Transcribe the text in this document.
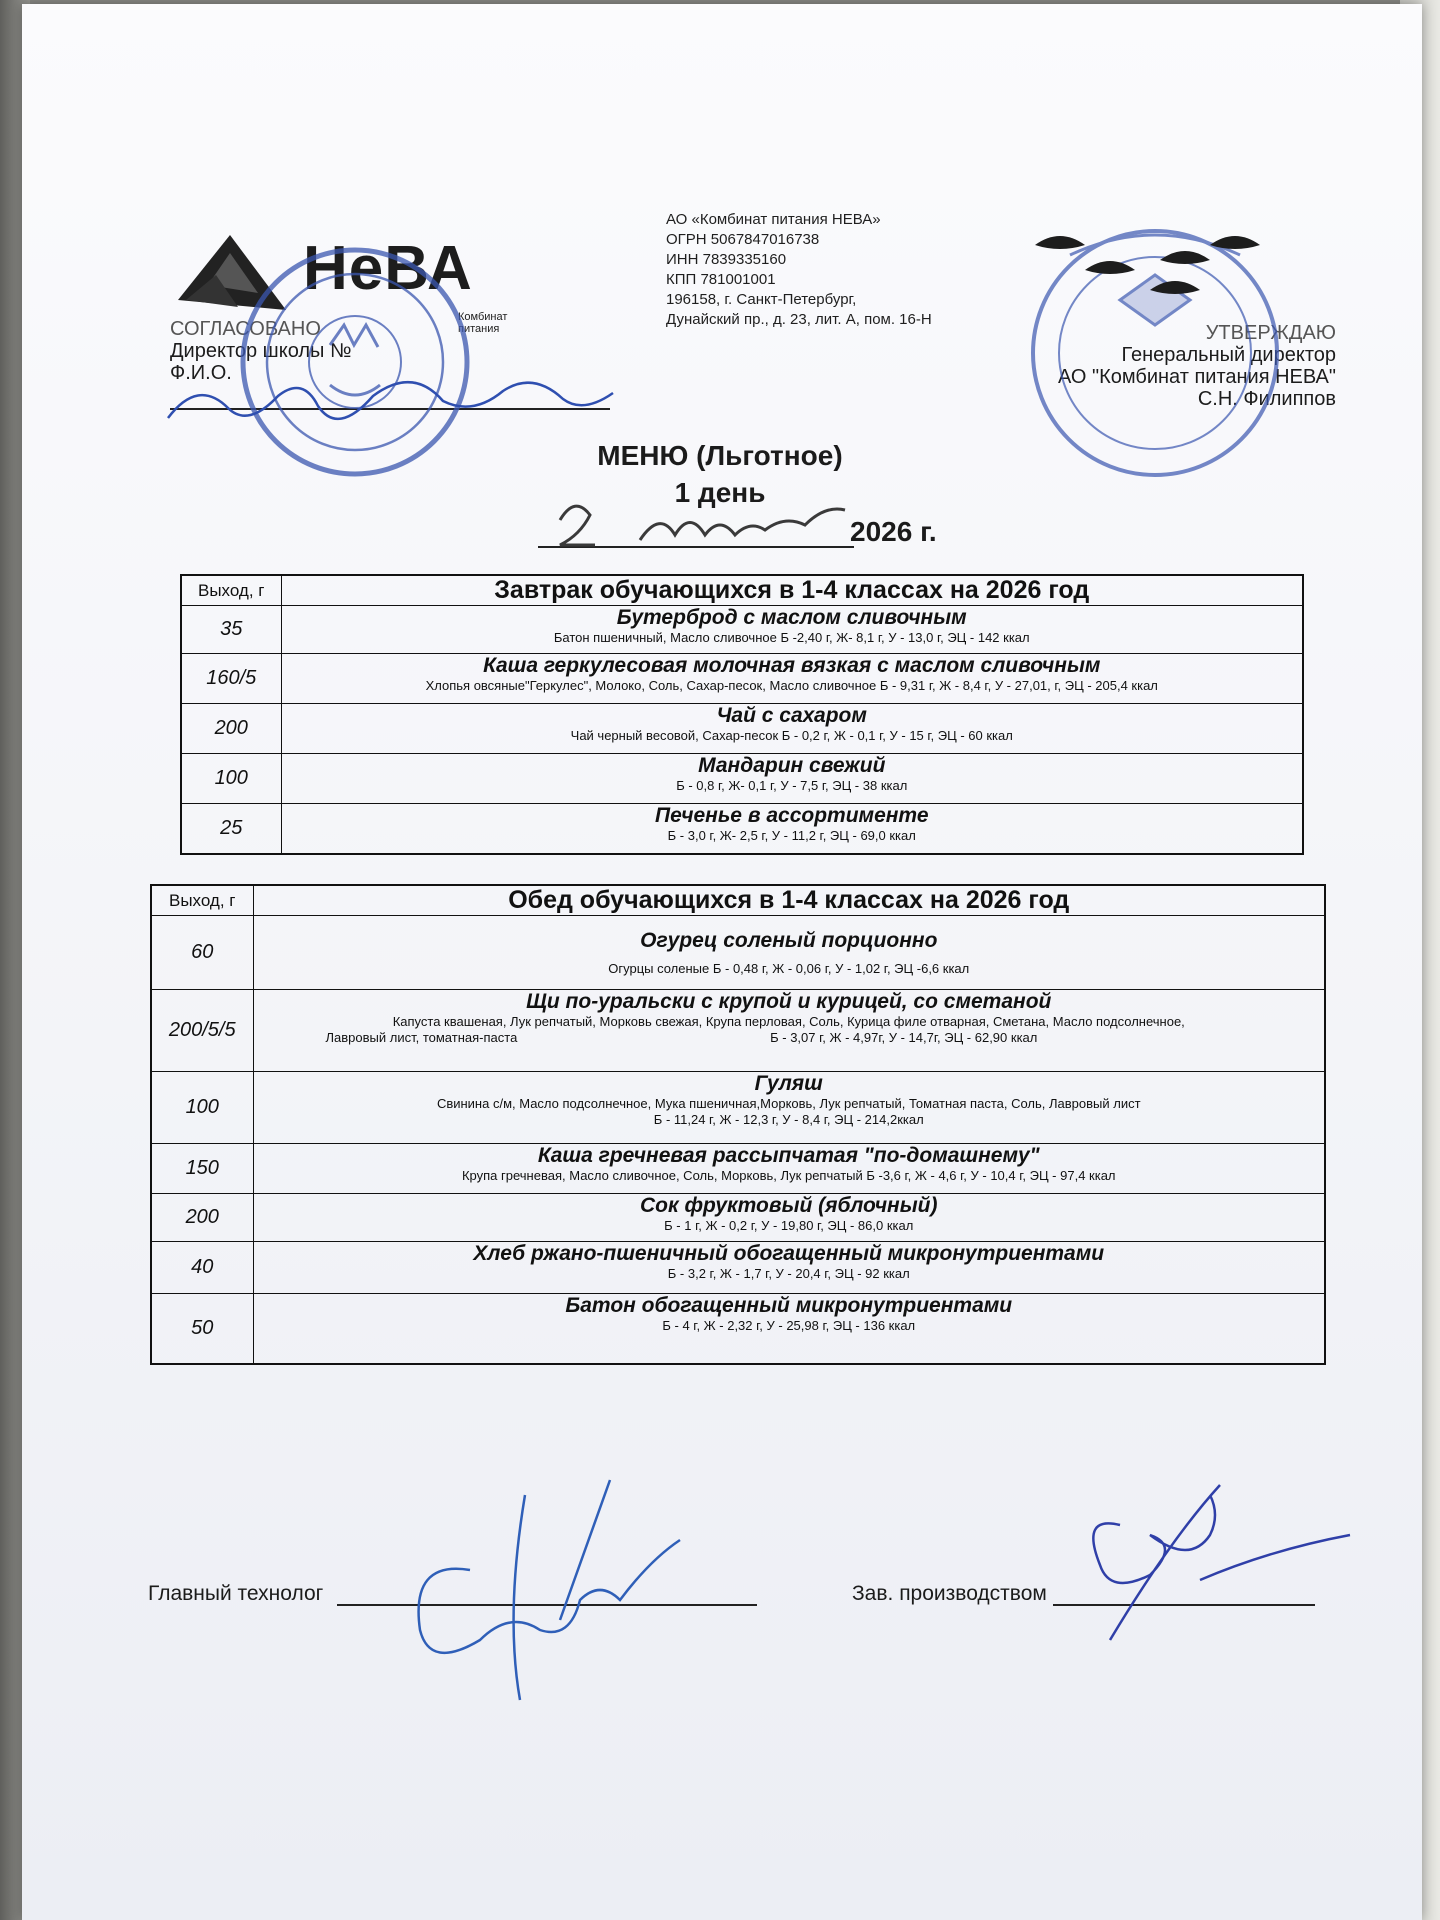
НеВА
Комбинат питания
АО «Комбинат питания НЕВА»
ОГРН 5067847016738
ИНН 7839335160
КПП 781001001
196158, г. Санкт-Петербург,
Дунайский пр., д. 23, лит. А, пом. 16-Н
СОГЛАСОВАНО
Директор школы №
Ф.И.О.
УТВЕРЖДАЮ
Генеральный директор
АО "Комбинат питания НЕВА"
С.Н. Филиппов
МЕНЮ (Льготное)
1 день
2026 г.
Выход, г	Завтрак обучающихся в 1-4 классах на 2026 год
35	Бутерброд с маслом сливочным
Батон пшеничный, Масло сливочное Б -2,40 г, Ж- 8,1 г, У - 13,0 г, ЭЦ - 142 ккал

160/5	Каша геркулесовая молочная вязкая с маслом сливочным
Хлопья овсяные"Геркулес", Молоко, Соль, Сахар-песок, Масло сливочное Б - 9,31 г, Ж - 8,4 г, У - 27,01, г, ЭЦ - 205,4 ккал

200	Чай с сахаром
Чай черный весовой, Сахар-песок Б - 0,2 г, Ж - 0,1 г, У - 15 г, ЭЦ - 60 ккал

100	Мандарин свежий
Б - 0,8 г, Ж- 0,1 г, У - 7,5 г, ЭЦ - 38 ккал

25	Печенье в ассортименте
Б - 3,0 г, Ж- 2,5 г, У - 11,2 г, ЭЦ - 69,0 ккал
Выход, г	Обед обучающихся в 1-4 классах на 2026 год
60	Огурец соленый порционно
Огурцы соленые Б - 0,48 г, Ж - 0,06 г, У - 1,02 г, ЭЦ -6,6 ккал

200/5/5	Щи по-уральски с крупой и курицей, со сметаной
Капуста квашеная, Лук репчатый, Морковь свежая, Крупа перловая, Соль, Курица филе отварная, Сметана, Масло подсолнечное,
Лавровый лист, томатная-паста                                                                      Б - 3,07 г, Ж - 4,97г, У - 14,7г, ЭЦ - 62,90 ккал

100	Гуляш
Свинина с/м, Масло подсолнечное, Мука пшеничная,Морковь, Лук репчатый, Томатная паста, Соль, Лавровый лист
Б - 11,24 г, Ж - 12,3 г, У - 8,4 г, ЭЦ - 214,2ккал

150	Каша гречневая рассыпчатая "по-домашнему"
Крупа гречневая, Масло сливочное, Соль, Морковь, Лук репчатый Б -3,6 г, Ж - 4,6 г, У - 10,4 г, ЭЦ - 97,4 ккал

200	Сок фруктовый (яблочный)
Б - 1 г, Ж - 0,2 г, У - 19,80 г, ЭЦ - 86,0 ккал

40	Хлеб ржано-пшеничный обогащенный микронутриентами
Б - 3,2 г, Ж - 1,7 г, У - 20,4 г, ЭЦ - 92 ккал

50	Батон обогащенный микронутриентами
Б - 4 г, Ж - 2,32 г, У - 25,98 г, ЭЦ - 136 ккал
Главный технолог	Зав. производством
